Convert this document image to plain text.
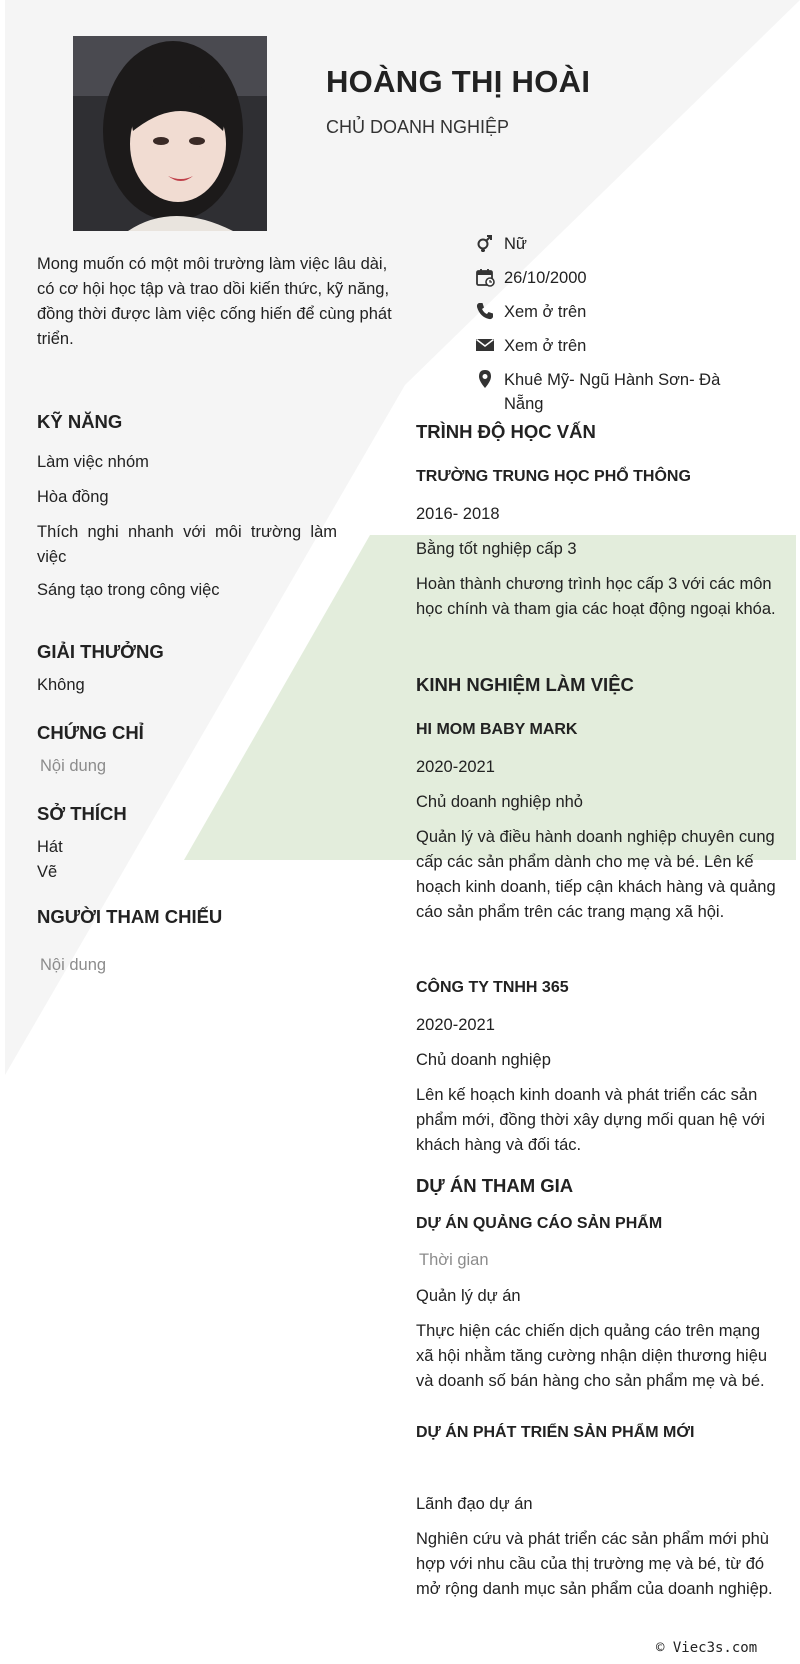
HOÀNG THỊ HOÀI
CHỦ DOANH NGHIỆP
Mong muốn có một môi trường làm việc lâu dài, có cơ hội học tập và trao dồi kiến thức, kỹ năng, đồng thời được làm việc cống hiến để cùng phát triển.
Nữ
26/10/2000
Xem ở trên
Xem ở trên
Khuê Mỹ- Ngũ Hành Sơn- Đà Nẵng
KỸ NĂNG
Làm việc nhóm
Hòa đồng
Thích nghi nhanh với môi trường làm việc
Sáng tạo trong công việc
GIẢI THƯỞNG
Không
CHỨNG CHỈ
Nội dung
SỞ THÍCH
Hát
Vẽ
NGƯỜI THAM CHIẾU
Nội dung
TRÌNH ĐỘ HỌC VẤN
TRƯỜNG TRUNG HỌC PHỔ THÔNG
2016- 2018
Bằng tốt nghiệp cấp 3
Hoàn thành chương trình học cấp 3 với các môn học chính và tham gia các hoạt động ngoại khóa.
KINH NGHIỆM LÀM VIỆC
HI MOM BABY MARK
2020-2021
Chủ doanh nghiệp nhỏ
Quản lý và điều hành doanh nghiệp chuyên cung cấp các sản phẩm dành cho mẹ và bé. Lên kế hoạch kinh doanh, tiếp cận khách hàng và quảng cáo sản phẩm trên các trang mạng xã hội.
CÔNG TY TNHH 365
2020-2021
Chủ doanh nghiệp
Lên kế hoạch kinh doanh và phát triển các sản phẩm mới, đồng thời xây dựng mối quan hệ với khách hàng và đối tác.
DỰ ÁN THAM GIA
DỰ ÁN QUẢNG CÁO SẢN PHẨM
Thời gian
Quản lý dự án
Thực hiện các chiến dịch quảng cáo trên mạng xã hội nhằm tăng cường nhận diện thương hiệu và doanh số bán hàng cho sản phẩm mẹ và bé.
DỰ ÁN PHÁT TRIỂN SẢN PHẨM MỚI
Lãnh đạo dự án
Nghiên cứu và phát triển các sản phẩm mới phù hợp với nhu cầu của thị trường mẹ và bé, từ đó mở rộng danh mục sản phẩm của doanh nghiệp.
© Viec3s.com
